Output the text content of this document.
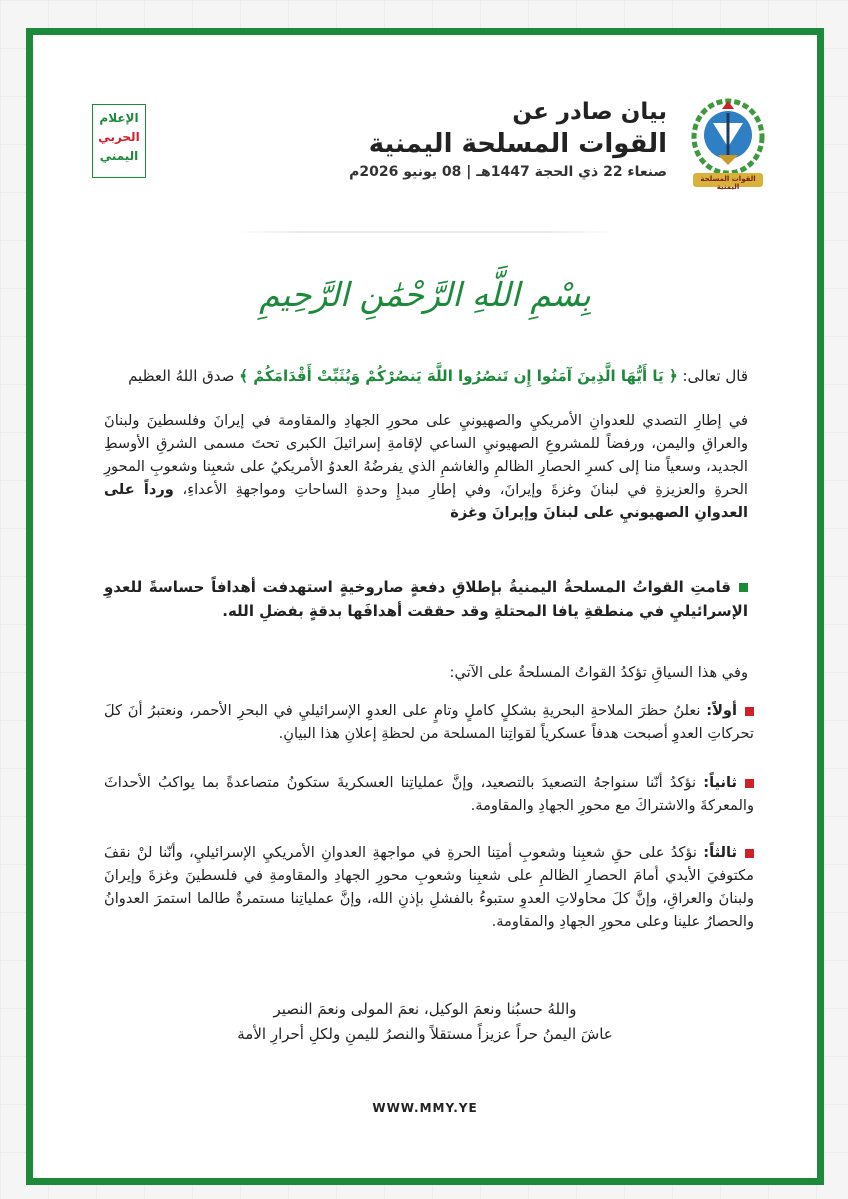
القوات المسلحة اليمنية
بيان صادر عن
القوات المسلحة اليمنية
صنعاء 22 ذي الحجة 1447هـ | 08 يونيو 2026م
الإعلام
الحربي
اليمني
بِسْمِ اللَّهِ الرَّحْمَٰنِ الرَّحِيمِ
قال تعالى: ﴿ يَا أَيُّهَا الَّذِينَ آمَنُوا إِن تَنصُرُوا اللَّهَ يَنصُرْكُمْ وَيُثَبِّتْ أَقْدَامَكُمْ ﴾ صدق اللهُ العظيم
في إطارِ التصدي للعدوانِ الأمريكيِ والصهيونيِ على محورِ الجهادِ والمقاومة في إيرانَ وفلسطينَ ولبنانَ والعراقِ واليمن، ورفضاً للمشروعِ الصهيونيِ الساعي لإقامةِ إسرائيلَ الكبرى تحتَ مسمى الشرقِ الأوسطِ الجديد، وسعياً منا إلى كسرِ الحصارِ الظالمِ والغاشمِ الذي يفرضُهُ العدوُ الأمريكيُ على شعبِنا وشعوبِ المحورِ الحرةِ والعزيزةِ في لبنانَ وغزةَ وإيرانَ، وفي إطارِ مبدإِ وحدةِ الساحاتِ ومواجهةِ الأعداءِ، ورداً على العدوانِ الصهيونيِ على لبنانَ وإيرانَ وغزة
قامتِ القواتُ المسلحةُ اليمنيةُ بإطلاقِ دفعةٍ صاروخيةٍ استهدفت أهدافاً حساسةً للعدوِ الإسرائيليِ في منطقةِ يافا المحتلةِ وقد حققت أهدافَها بدقةٍ بفضلِ الله.
وفي هذا السياقِ تؤكدُ القواتُ المسلحةُ على الآتي:
أولاً: نعلنُ حظرَ الملاحةِ البحريةِ بشكلٍ كاملٍ وتامٍ على العدوِ الإسرائيليِ في البحرِ الأحمر، ونعتبرُ أنَ كلَ تحركاتِ العدوِ أصبحت هدفاً عسكرياً لقواتِنا المسلحة من لحظةِ إعلانِ هذا البيانِ.
ثانياً: نؤكدُ أنّنا سنواجهُ التصعيدَ بالتصعيد، وإنَّ عملياتِنا العسكريةَ ستكونُ متصاعدةً بما يواكبُ الأحداثَ والمعركةَ والاشتراكَ مع محورِ الجهادِ والمقاومة.
ثالثاً: نؤكدُ على حقِ شعبِنا وشعوبِ أمتِنا الحرةِ في مواجهةِ العدوانِ الأمريكيِ الإسرائيليِ، وأنّنا لنْ نقفَ مكتوفيَ الأيدي أمامَ الحصارِ الظالمِ على شعبِنا وشعوبِ محورِ الجهادِ والمقاومةِ في فلسطينَ وغزةَ وإيرانَ ولبنانَ والعراقِ، وإنَّ كلَ محاولاتِ العدوِ ستبوءُ بالفشلِ بإذنِ الله، وإنَّ عملياتِنا مستمرةٌ طالما استمرَ العدوانُ والحصارُ علينا وعلى محورِ الجهادِ والمقاومة.
واللهُ حسبُنا ونعمَ الوكيل، نعمَ المولى ونعمَ النصير
عاشَ اليمنُ حراً عزيزاً مستقلاً والنصرُ لليمنِ ولكلِ أحرارِ الأمة
WWW.MMY.YE
